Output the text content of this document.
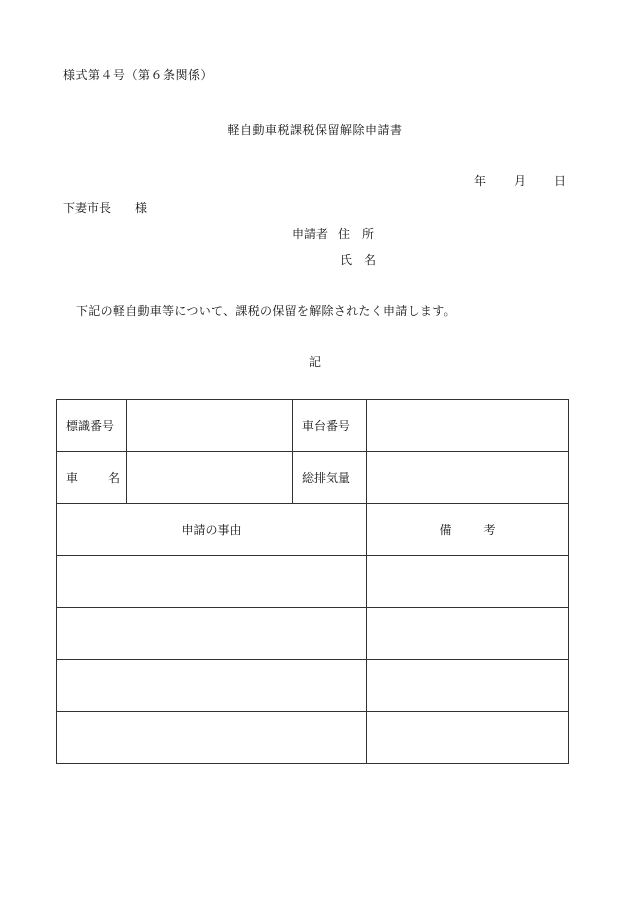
様式第４号（第６条関係）
軽自動車税課税保留解除申請書
年 月 日
下妻市長 様
申請者 住　所
氏 名
下記の軽自動車等について、課税の保留を解除されたく申請します。
記
標識番号		車台番号	
車 名		総排気量	
申請の事由			備 考
